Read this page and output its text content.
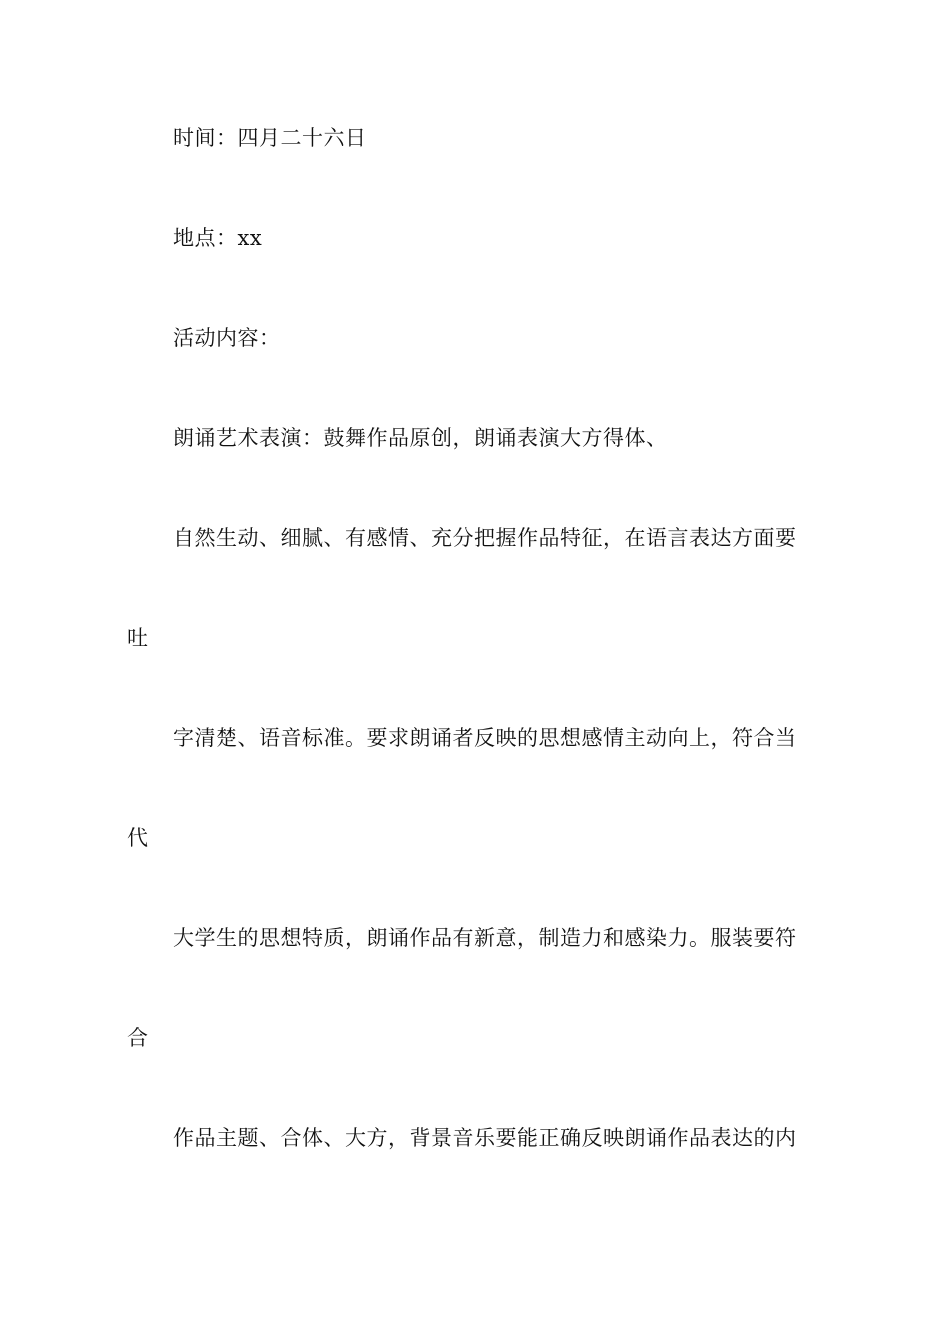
时间：四月二十六日
地点：xx
活动内容：
朗诵艺术表演：鼓舞作品原创，朗诵表演大方得体、
自然生动、细腻、有感情、充分把握作品特征，在语言表达方面要
吐
字清楚、语音标准。要求朗诵者反映的思想感情主动向上，符合当
代
大学生的思想特质，朗诵作品有新意，制造力和感染力。服装要符
合
作品主题、合体、大方，背景音乐要能正确反映朗诵作品表达的内
